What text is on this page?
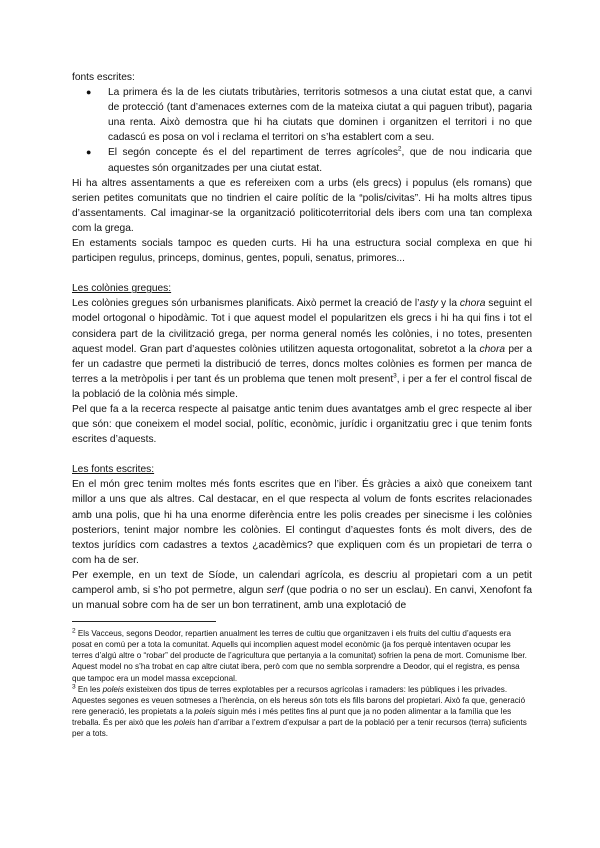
fonts escrites:

● La primera és la de les ciutats tributàries, territoris sotmesos a una ciutat estat que, a canvi de protecció (tant d’amenaces externes com de la mateixa ciutat a qui paguen tribut), pagaria una renta. Això demostra que hi ha ciutats que dominen i organitzen el territori i no que cadascú es posa on vol i reclama el territori on s’ha establert com a seu.
● El segón concepte és el del repartiment de terres agrícoles$^2$, que de nou indicaria que aquestes són organitzades per una ciutat estat.

Hi ha altres assentaments a que es refereixen com a urbs (els grecs) i populus (els romans) que serien petites comunitats que no tindrien el caire polític de la “polis/civitas”. Hi ha molts altres tipus d’assentaments. Cal imaginar-se la organització politicoterritorial dels ibers com una tan complexa com la grega.

En estaments socials tampoc es queden curts. Hi ha una estructura social complexa en que hi participen regulus, princeps, dominus, gentes, populi, senatus, primores...

Les colònies gregues:

Les colònies gregues són urbanismes planificats. Això permet la creació de l’asty y la chora seguint el model ortogonal o hipodàmic. Tot i que aquest model el popularitzen els grecs i hi ha qui fins i tot el considera part de la civilització grega, per norma general només les colònies, i no totes, presenten aquest model. Gran part d’aquestes colònies utilitzen aquesta ortogonalitat, sobretot a la chora per a fer un cadastre que permeti la distribució de terres, doncs moltes colònies es formen per manca de terres a la metròpolis i per tant és un problema que tenen molt present$^3$, i per a fer el control fiscal de la població de la colònia més simple.

Pel que fa a la recerca respecte al paisatge antic tenim dues avantatges amb el grec respecte al iber que són: que coneixem el model social, polític, econòmic, jurídic i organitzatiu grec i que tenim fonts escrites d’aquests.

Les fonts escrites:

En el món grec tenim moltes més fonts escrites que en l’iber. És gràcies a això que coneixem tant millor a uns que als altres. Cal destacar, en el que respecta al volum de fonts escrites relacionades amb una polis, que hi ha una enorme diferència entre les polis creades per sinecisme i les colònies posteriors, tenint major nombre les colònies. El contingut d’aquestes fonts és molt divers, des de textos jurídics com cadastres a textos ¿acadèmics? que expliquen com és un propietari de terra o com ha de ser.

Per exemple, en un text de Síode, un calendari agrícola, es descriu al propietari com a un petit camperol amb, si s’ho pot permetre, algun serf (que podria o no ser un esclau). En canvi, Xenofont fa un manual sobre com ha de ser un bon terratinent, amb una explotació de

$^2$ Els Vacceus, segons Deodor, repartien anualment les terres de cultiu que organitzaven i els fruits del cultiu d’aquests era posat en comú per a tota la comunitat. Aquells qui incomplien aquest model econòmic (ja fos perquè intentaven ocupar les terres d’algú altre o “robar” del producte de l’agricultura que pertanyia a la comunitat) sofrien la pena de mort. Comunisme Iber. Aquest model no s’ha trobat en cap altre ciutat ibera, però com que no sembla sorprendre a Deodor, qui el registra, es pensa que tampoc era un model massa excepcional.

$^3$ En les poleis existeixen dos tipus de terres explotables per a recursos agrícolas i ramaders: les públiques i les privades. Aquestes segones es veuen sotmeses a l’herència, on els hereus són tots els fills barons del propietari. Això fa que, generació rere generació, les propietats a la poleis siguin més i més petites fins al punt que ja no poden alimentar a la família que les treballa. És per això que les poleis han d’arribar a l’extrem d’expulsar a part de la població per a tenir recursos (terra) suficients per a tots.
